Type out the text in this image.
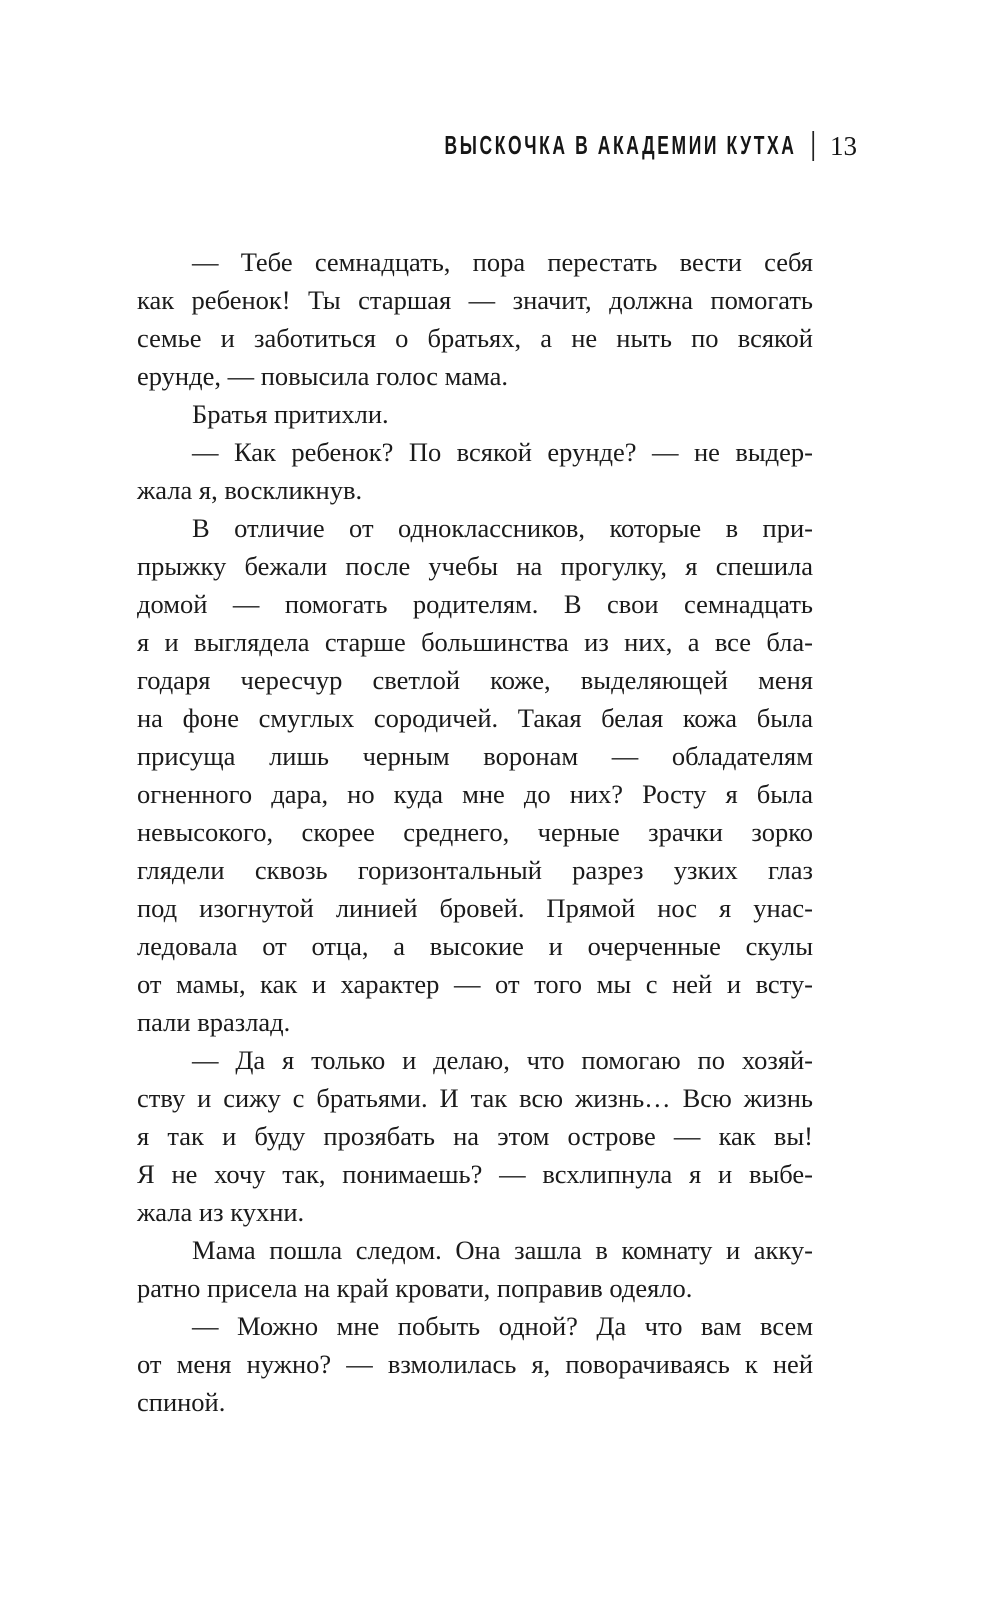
ВЫСКОЧКА В АКАДЕМИИ КУТХА | 13
— Тебе семнадцать, пора перестать вести себя
как ребенок! Ты старшая — значит, должна помогать
семье и заботиться о братьях, а не ныть по всякой
ерунде, — повысила голос мама.
Братья притихли.
— Как ребенок? По всякой ерунде? — не выдер-
жала я, воскликнув.
В отличие от одноклассников, которые в при-
прыжку бежали после учебы на прогулку, я спешила
домой — помогать родителям. В свои семнадцать
я и выглядела старше большинства из них, а все бла-
годаря чересчур светлой коже, выделяющей меня
на фоне смуглых сородичей. Такая белая кожа была
присуща лишь черным воронам — обладателям
огненного дара, но куда мне до них? Росту я была
невысокого, скорее среднего, черные зрачки зорко
глядели сквозь горизонтальный разрез узких глаз
под изогнутой линией бровей. Прямой нос я унас-
ледовала от отца, а высокие и очерченные скулы
от мамы, как и характер — от того мы с ней и всту-
пали вразлад.
— Да я только и делаю, что помогаю по хозяй-
ству и сижу с братьями. И так всю жизнь… Всю жизнь
я так и буду прозябать на этом острове — как вы!
Я не хочу так, понимаешь? — всхлипнула я и выбе-
жала из кухни.
Мама пошла следом. Она зашла в комнату и акку-
ратно присела на край кровати, поправив одеяло.
— Можно мне побыть одной? Да что вам всем
от меня нужно? — взмолилась я, поворачиваясь к ней
спиной.
